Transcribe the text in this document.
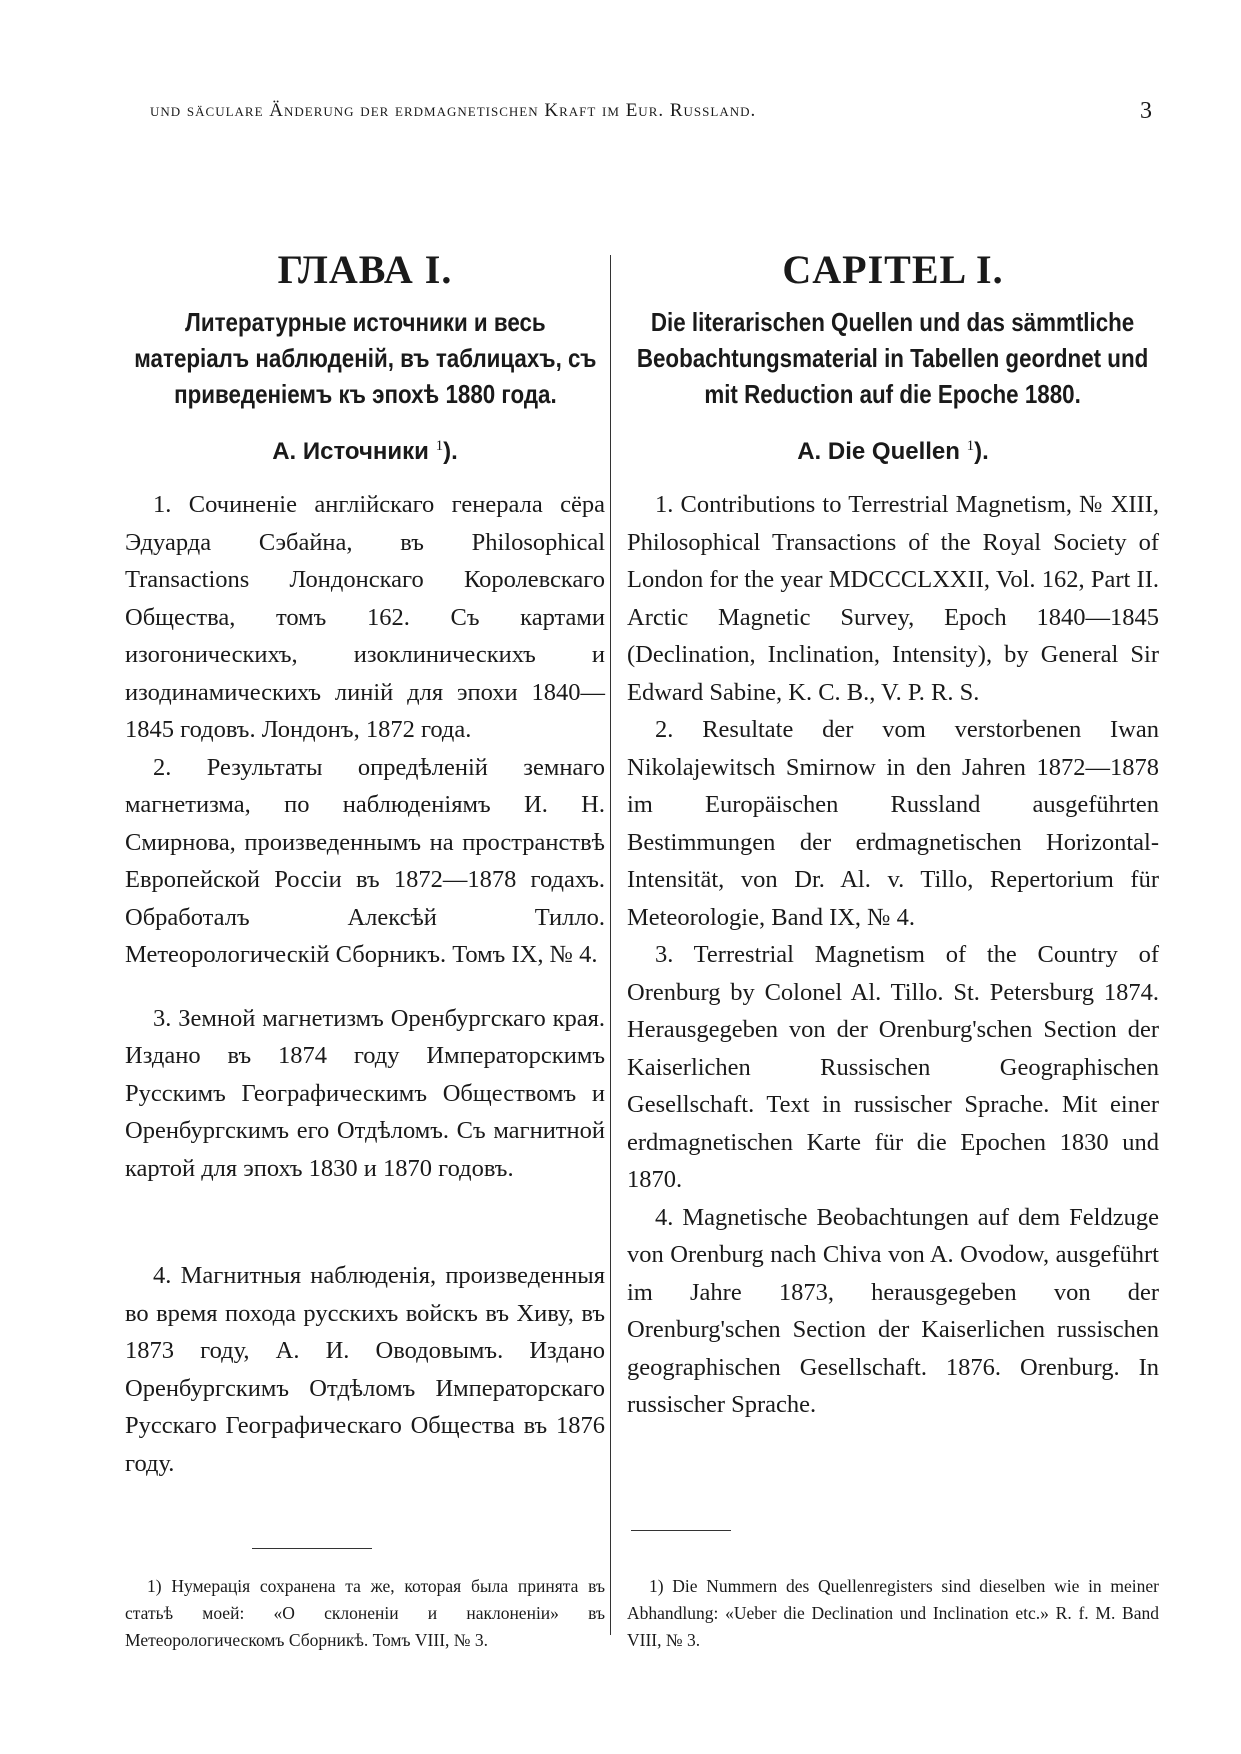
und säculare Änderung der erdmagnetischen Kraft im Eur. Russland.	3
ГЛАВА I.

Литературные источники и весь матеріалъ наблюденій, въ таблицахъ, съ приведеніемъ къ эпохѣ 1880 года.

A. Источники $^1$).

1. Сочиненіе англійскаго генерала сёра Эдуарда Сэбайна, въ Philosophical Transactions Лондонскаго Королевскаго Общества, томъ 162. Съ картами изогоническихъ, изоклиническихъ и изодинамическихъ линій для эпохи 1840—1845 годовъ. Лондонъ, 1872 года.

2. Результаты опредѣленій земнаго магнетизма, по наблюденіямъ И. Н. Смирнова, произведеннымъ на пространствѣ Европейской Россіи въ 1872—1878 годахъ. Обработалъ Алексѣй Тилло. Метеорологическій Сборникъ. Томъ IX, № 4.

3. Земной магнетизмъ Оренбургскаго края. Издано въ 1874 году Императорскимъ Русскимъ Географическимъ Обществомъ и Оренбургскимъ его Отдѣломъ. Съ магнитной картой для эпохъ 1830 и 1870 годовъ.

4. Магнитныя наблюденія, произведенныя во время похода русскихъ войскъ въ Хиву, въ 1873 году, А. И. Оводовымъ. Издано Оренбургскимъ Отдѣломъ Императорскаго Русскаго Географическаго Общества въ 1876 году.

CAPITEL I.

Die literarischen Quellen und das sämmtliche Beobachtungsmaterial in Tabellen geordnet und mit Reduction auf die Epoche 1880.

A. Die Quellen $^1$).

1. Contributions to Terrestrial Magnetism, № XIII, Philosophical Transactions of the Royal Society of London for the year MDCCCLXXII, Vol. 162, Part II. Arctic Magnetic Survey, Epoch 1840—1845 (Declination, Inclination, Intensity), by General Sir Edward Sabine, K. C. B., V. P. R. S.

2. Resultate der vom verstorbenen Iwan Nikolajewitsch Smirnow in den Jahren 1872—1878 im Europäischen Russland ausgeführten Bestimmungen der erdmagnetischen Horizontal-Intensität, von Dr. Al. v. Tillo, Repertorium für Meteorologie, Band IX, № 4.

3. Terrestrial Magnetism of the Country of Orenburg by Colonel Al. Tillo. St. Petersburg 1874. Herausgegeben von der Orenburg'schen Section der Kaiserlichen Russischen Geographischen Gesellschaft. Text in russischer Sprache. Mit einer erdmagnetischen Karte für die Epochen 1830 und 1870.

4. Magnetische Beobachtungen auf dem Feldzuge von Orenburg nach Chiva von A. Ovodow, ausgeführt im Jahre 1873, herausgegeben von der Orenburg'schen Section der Kaiserlichen russischen geographischen Gesellschaft. 1876. Orenburg. In russischer Sprache.

1) Нумерація сохранена та же, которая была принята въ статьѣ моей: «О склоненіи и наклоненіи» въ Метеорологическомъ Сборникѣ. Томъ VIII, № 3.
1) Die Nummern des Quellenregisters sind dieselben wie in meiner Abhandlung: «Ueber die Declination und Inclination etc.» R. f. M. Band VIII, № 3.
